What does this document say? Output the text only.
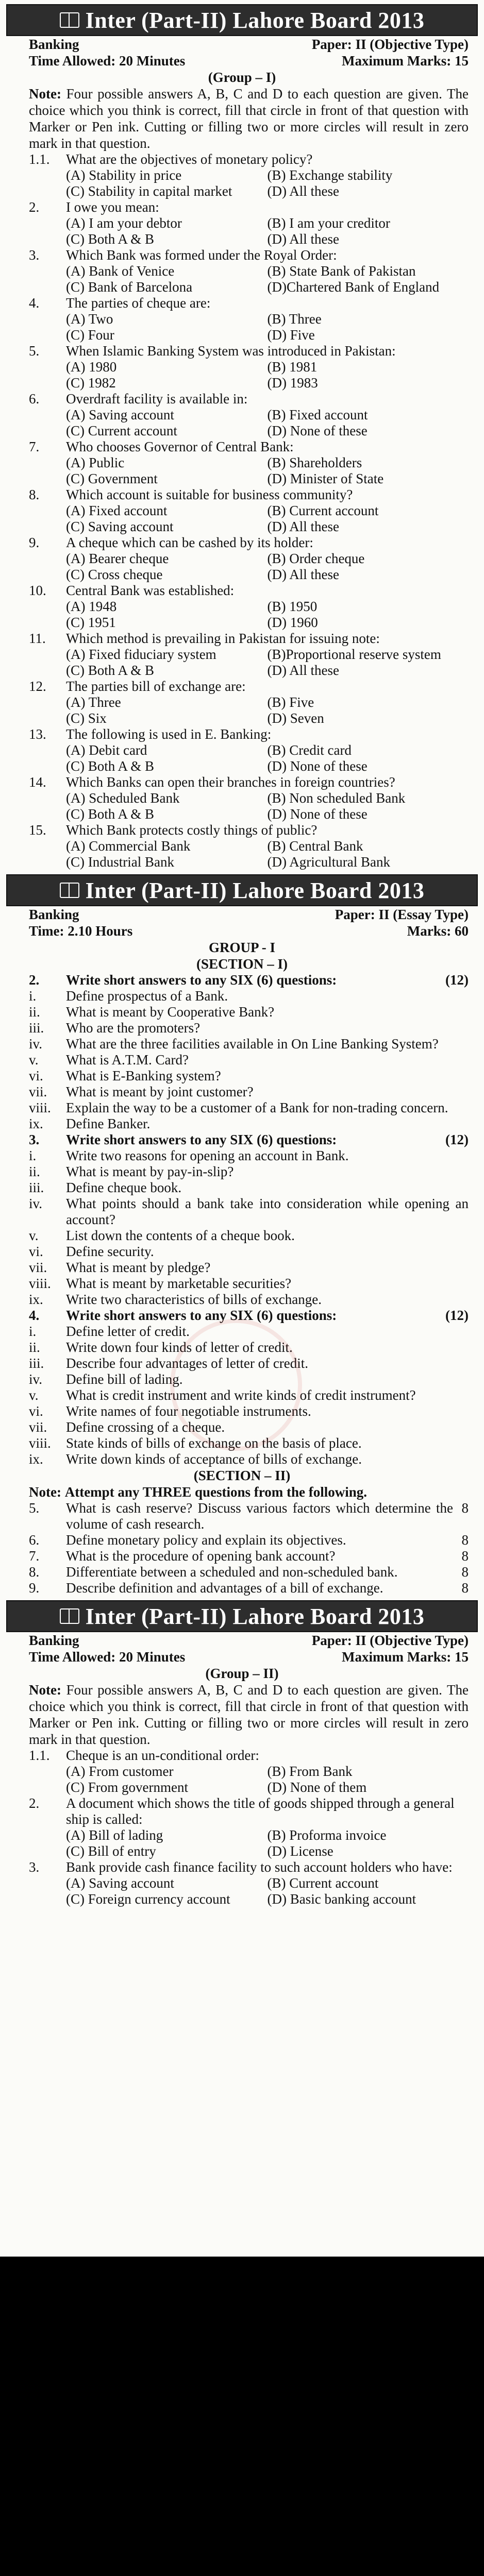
Inter (Part-II) Lahore Board 2013
Banking	Paper: II (Objective Type)
Time Allowed: 20 Minutes	Maximum Marks: 15
(Group – I)
Note: Four possible answers A, B, C and D to each question are given. The choice which you think is correct, fill that circle in front of that question with Marker or Pen ink. Cutting or filling two or more circles will result in zero mark in that question.
1.1.	What are the objectives of monetary policy?
(A) Stability in price	(B) Exchange stability
(C) Stability in capital market	(D) All these
2.	I owe you mean:
(A) I am your debtor	(B) I am your creditor
(C) Both A & B	(D) All these
3.	Which Bank was formed under the Royal Order:
(A) Bank of Venice	(B) State Bank of Pakistan
(C) Bank of Barcelona	(D)Chartered Bank of England
4.	The parties of cheque are:
(A) Two	(B) Three
(C) Four	(D) Five
5.	When Islamic Banking System was introduced in Pakistan:
(A) 1980	(B) 1981
(C) 1982	(D) 1983
6.	Overdraft facility is available in:
(A) Saving account	(B) Fixed account
(C) Current account	(D) None of these
7.	Who chooses Governor of Central Bank:
(A) Public	(B) Shareholders
(C) Government	(D) Minister of State
8.	Which account is suitable for business community?
(A) Fixed account	(B) Current account
(C) Saving account	(D) All these
9.	A cheque which can be cashed by its holder:
(A) Bearer cheque	(B) Order cheque
(C) Cross cheque	(D) All these
10.	Central Bank was established:
(A) 1948	(B) 1950
(C) 1951	(D) 1960
11.	Which method is prevailing in Pakistan for issuing note:
(A) Fixed fiduciary system	(B)Proportional reserve system
(C) Both A & B	(D) All these
12.	The parties bill of exchange are:
(A) Three	(B) Five
(C) Six	(D) Seven
13.	The following is used in E. Banking:
(A) Debit card	(B) Credit card
(C) Both A & B	(D) None of these
14.	Which Banks can open their branches in foreign countries?
(A) Scheduled Bank	(B) Non scheduled Bank
(C) Both A & B	(D) None of these
15.	Which Bank protects costly things of public?
(A) Commercial Bank	(B) Central Bank
(C) Industrial Bank	(D) Agricultural Bank
Inter (Part-II) Lahore Board 2013
Banking	Paper: II (Essay Type)
Time: 2.10 Hours	Marks: 60
GROUP - I
(SECTION – I)
2.	Write short answers to any SIX (6) questions:	(12)
i.	Define prospectus of a Bank.
ii.	What is meant by Cooperative Bank?
iii.	Who are the promoters?
iv.	What are the three facilities available in On Line Banking System?
v.	What is A.T.M. Card?
vi.	What is E-Banking system?
vii.	What is meant by joint customer?
viii.	Explain the way to be a customer of a Bank for non-trading concern.
ix.	Define Banker.
3.	Write short answers to any SIX (6) questions:	(12)
i.	Write two reasons for opening an account in Bank.
ii.	What is meant by pay-in-slip?
iii.	Define cheque book.
iv.	What points should a bank take into consideration while opening an account?
v.	List down the contents of a cheque book.
vi.	Define security.
vii.	What is meant by pledge?
viii.	What is meant by marketable securities?
ix.	Write two characteristics of bills of exchange.
4.	Write short answers to any SIX (6) questions:	(12)
i.	Define letter of credit.
ii.	Write down four kinds of letter of credit.
iii.	Describe four advantages of letter of credit.
iv.	Define bill of lading.
v.	What is credit instrument and write kinds of credit instrument?
vi.	Write names of four negotiable instruments.
vii.	Define crossing of a cheque.
viii.	State kinds of bills of exchange on the basis of place.
ix.	Write down kinds of acceptance of bills of exchange.
(SECTION – II)
Note: Attempt any THREE questions from the following.
5.	What is cash reserve? Discuss various factors which determine the volume of cash research.
8
6.	Define monetary policy and explain its objectives.	8
7.	What is the procedure of opening bank account?	8
8.	Differentiate between a scheduled and non-scheduled bank.	8
9.	Describe definition and advantages of a bill of exchange.	8
Inter (Part-II) Lahore Board 2013
Banking	Paper: II (Objective Type)
Time Allowed: 20 Minutes	Maximum Marks: 15
(Group – II)
Note: Four possible answers A, B, C and D to each question are given. The choice which you think is correct, fill that circle in front of that question with Marker or Pen ink. Cutting or filling two or more circles will result in zero mark in that question.
1.1.	Cheque is an un-conditional order:
(A) From customer	(B) From Bank
(C) From government	(D) None of them
2.	A document which shows the title of goods shipped through a general ship is called:
(A) Bill of lading	(B) Proforma invoice
(C) Bill of entry	(D) License
3.	Bank provide cash finance facility to such account holders who have:
(A) Saving account	(B) Current account
(C) Foreign currency account	(D) Basic banking account
